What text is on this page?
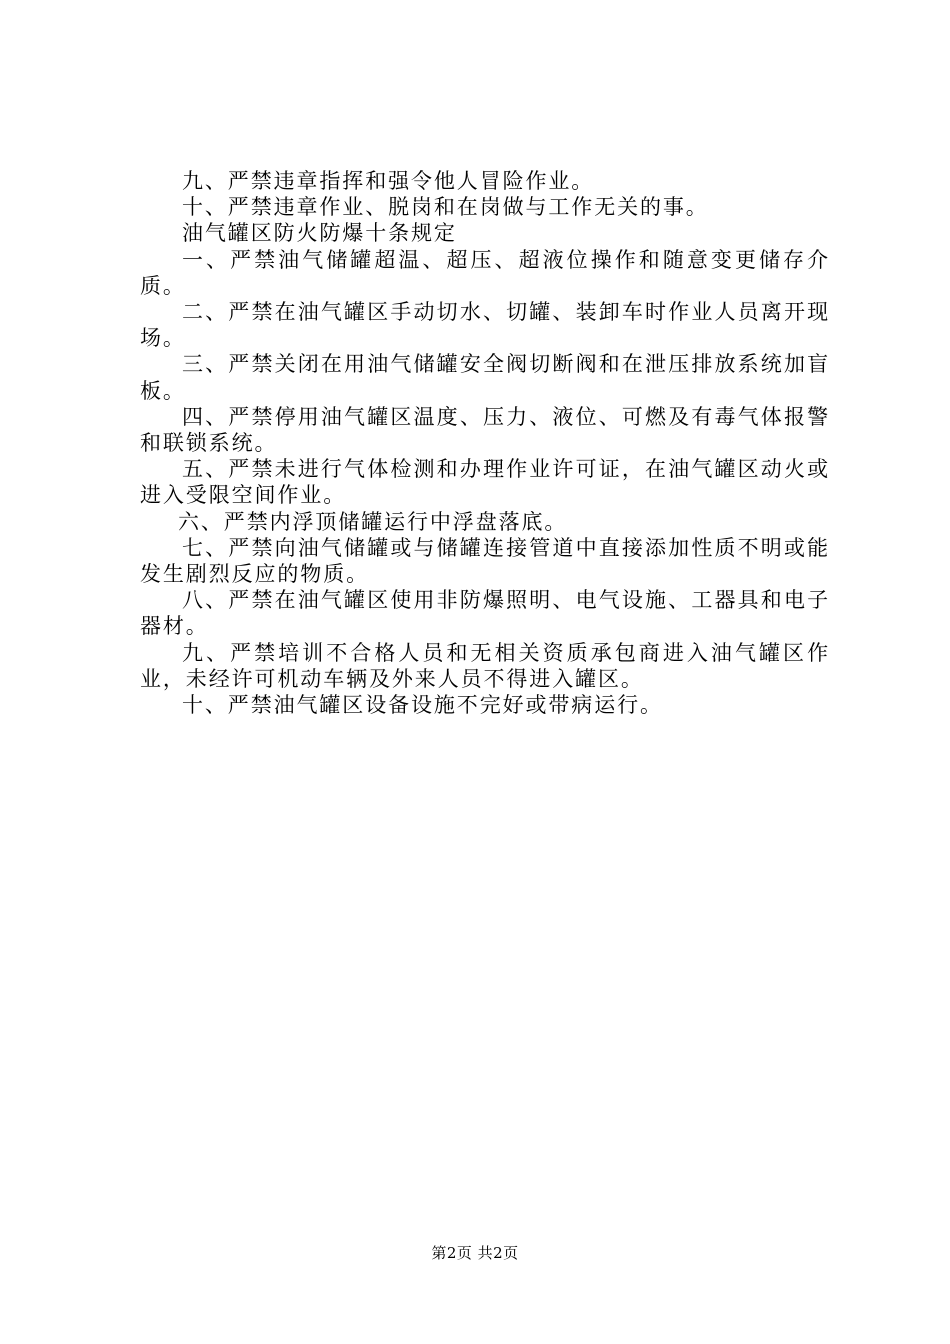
九、严禁违章指挥和强令他人冒险作业。

十、严禁违章作业、脱岗和在岗做与工作无关的事。

油气罐区防火防爆十条规定

一、严禁油气储罐超温、超压、超液位操作和随意变更储存介质。

二、严禁在油气罐区手动切水、切罐、装卸车时作业人员离开现场。

三、严禁关闭在用油气储罐安全阀切断阀和在泄压排放系统加盲板。

四、严禁停用油气罐区温度、压力、液位、可燃及有毒气体报警和联锁系统。

五、严禁未进行气体检测和办理作业许可证，在油气罐区动火或进入受限空间作业。

六、严禁内浮顶储罐运行中浮盘落底。

七、严禁向油气储罐或与储罐连接管道中直接添加性质不明或能发生剧烈反应的物质。

八、严禁在油气罐区使用非防爆照明、电气设施、工器具和电子器材。

九、严禁培训不合格人员和无相关资质承包商进入油气罐区作业，未经许可机动车辆及外来人员不得进入罐区。

十、严禁油气罐区设备设施不完好或带病运行。

第2页 共2页
